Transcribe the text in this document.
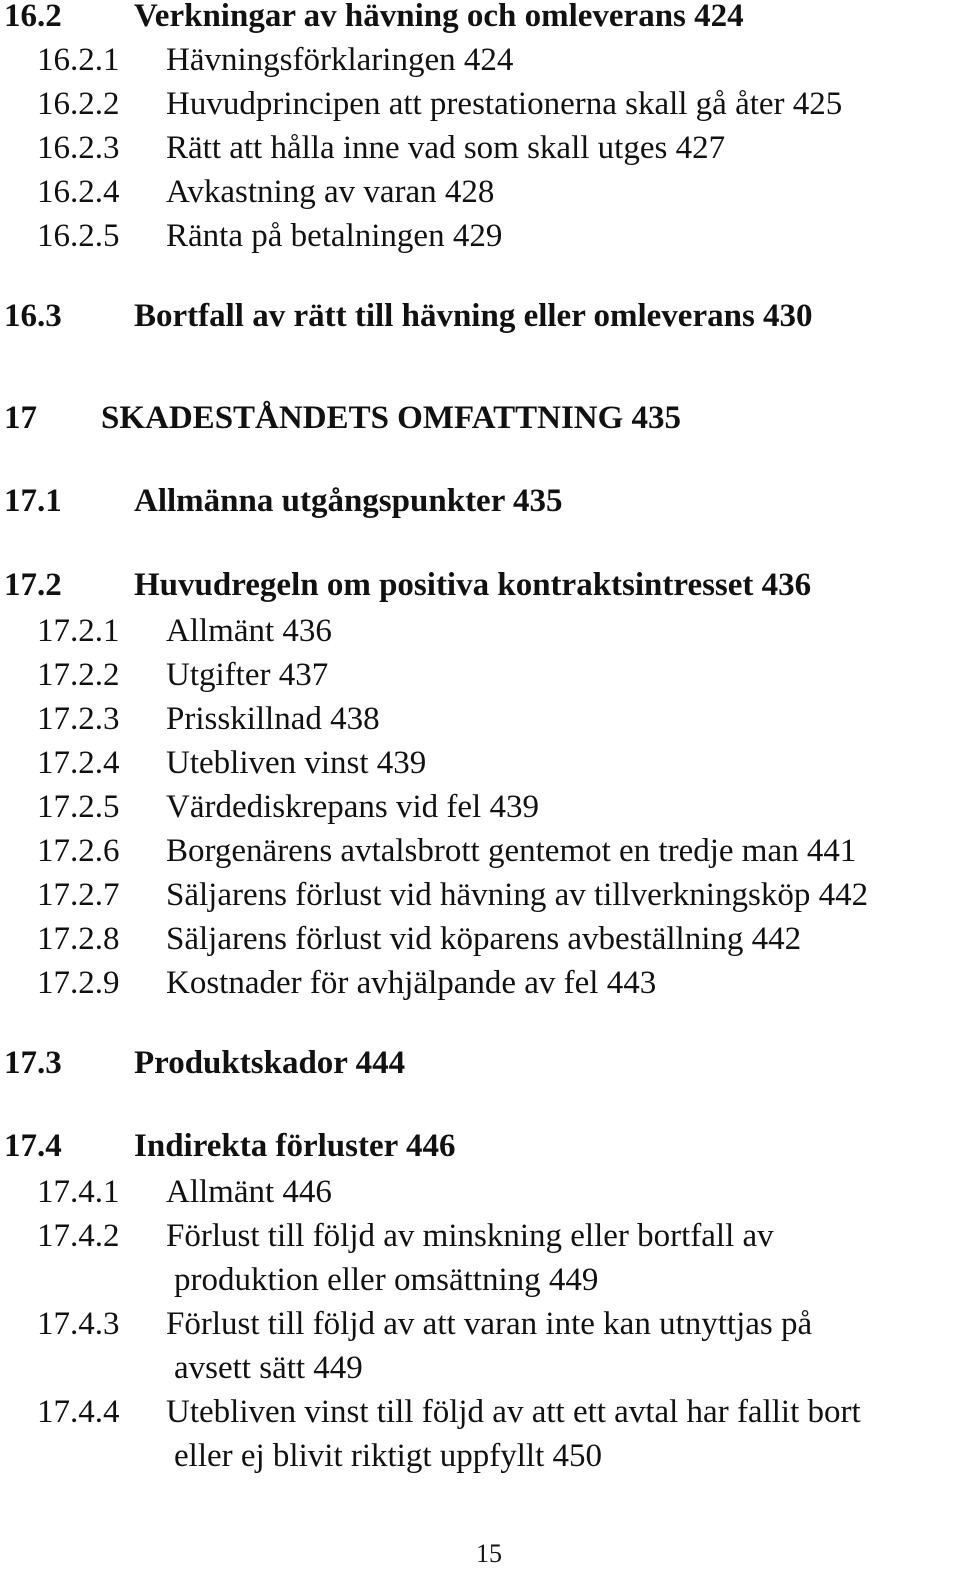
16.2 Verkningar av hävning och omleverans 424
16.2.1 Hävningsförklaringen 424
16.2.2 Huvudprincipen att prestationerna skall gå åter 425
16.2.3 Rätt att hålla inne vad som skall utges 427
16.2.4 Avkastning av varan 428
16.2.5 Ränta på betalningen 429
16.3 Bortfall av rätt till hävning eller omleverans 430
17 SKADESTÅNDETS OMFATTNING 435
17.1 Allmänna utgångspunkter 435
17.2 Huvudregeln om positiva kontraktsintresset 436
17.2.1 Allmänt 436
17.2.2 Utgifter 437
17.2.3 Prisskillnad 438
17.2.4 Utebliven vinst 439
17.2.5 Värdediskrepans vid fel 439
17.2.6 Borgenärens avtalsbrott gentemot en tredje man 441
17.2.7 Säljarens förlust vid hävning av tillverkningsköp 442
17.2.8 Säljarens förlust vid köparens avbeställning 442
17.2.9 Kostnader för avhjälpande av fel 443
17.3 Produktskador 444
17.4 Indirekta förluster 446
17.4.1 Allmänt 446
17.4.2 Förlust till följd av minskning eller bortfall av
produktion eller omsättning 449
17.4.3 Förlust till följd av att varan inte kan utnyttjas på
avsett sätt 449
17.4.4 Utebliven vinst till följd av att ett avtal har fallit bort
eller ej blivit riktigt uppfyllt 450
15
